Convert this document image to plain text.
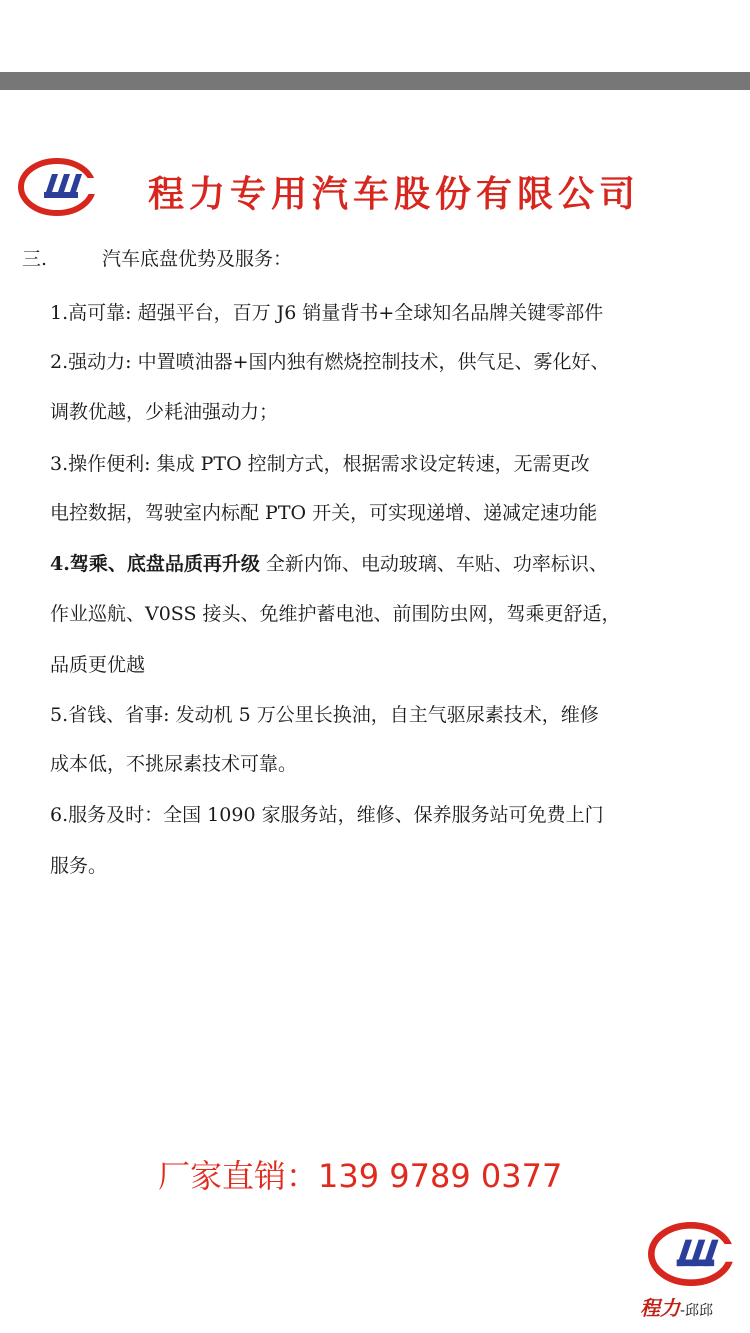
程力专用汽车股份有限公司
三.	汽车底盘优势及服务：
1.高可靠: 超强平台，百万 J6 销量背书+全球知名品牌关键零部件
2.强动力: 中置喷油器+国内独有燃烧控制技术，供气足、雾化好、
调教优越，少耗油强动力；
3.操作便利: 集成 PTO 控制方式，根据需求设定转速，无需更改
电控数据，驾驶室内标配 PTO 开关，可实现递增、递减定速功能
4.驾乘、底盘品质再升级 全新内饰、电动玻璃、车贴、功率标识、
作业巡航、V0SS 接头、免维护蓄电池、前围防虫网，驾乘更舒适，
品质更优越
5.省钱、省事: 发动机 5 万公里长换油，自主气驱尿素技术，维修
成本低，不挑尿素技术可靠。
6.服务及时：全国 1090 家服务站，维修、保养服务站可免费上门
服务。
厂家直销：139 9789 0377
程力-邱邱
